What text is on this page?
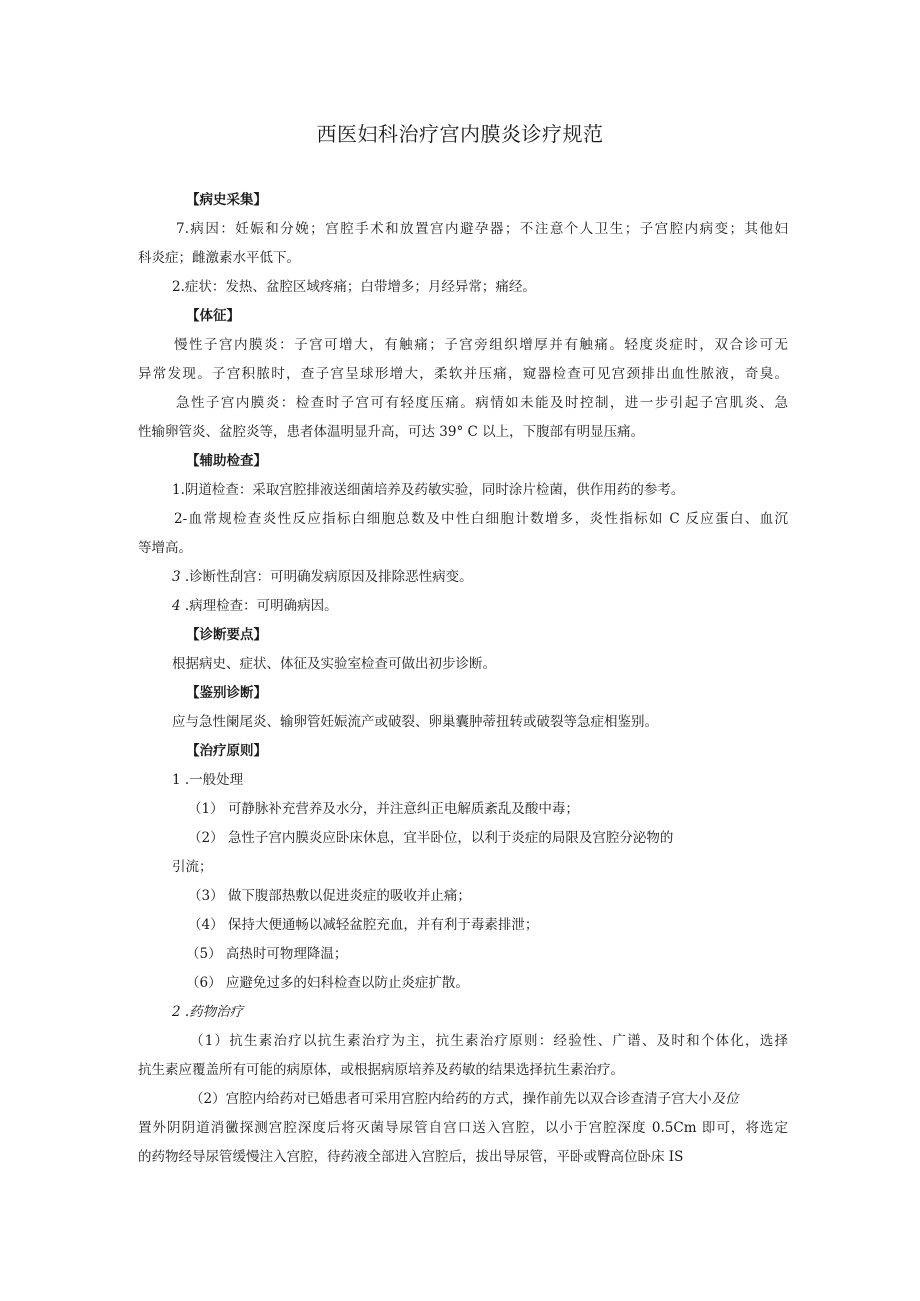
西医妇科治疗宫内膜炎诊疗规范
【病史采集】
7.病因：妊娠和分娩；宫腔手术和放置宫内避孕器；不注意个人卫生；子宫腔内病变；其他妇
科炎症；雌激素水平低下。
2.症状：发热、盆腔区域疼痛；白带增多；月经异常；痛经。
【体征】
慢性子宫内膜炎：子宫可增大，有触痛；子宫旁组织增厚并有触痛。轻度炎症时，双合诊可无
异常发现。子宫积脓时，查子宫呈球形增大，柔软并压痛，窥器检查可见宫颈排出血性脓液，奇臭。
急性子宫内膜炎：检查时子宫可有轻度压痛。病情如未能及时控制，进一步引起子宫肌炎、急
性输卵管炎、盆腔炎等，患者体温明显升高，可达 39° C 以上，下腹部有明显压痛。
【辅助检查】
1.阴道检查：采取宫腔排液送细菌培养及药敏实验，同时涂片检菌，供作用药的参考。
2-血常规检查炎性反应指标白细胞总数及中性白细胞计数增多，炎性指标如 C 反应蛋白、血沉
等增高。
3 .诊断性刮宫：可明确发病原因及排除恶性病变。
4 .病理检查：可明确病因。
【诊断要点】
根据病史、症状、体征及实验室检查可做出初步诊断。
【鉴别诊断】
应与急性阑尾炎、输卵管妊娠流产或破裂、卵巢囊肿蒂扭转或破裂等急症相鉴别。
【治疗原则】
1 .一般处理
（1） 可静脉补充营养及水分，并注意纠正电解质紊乱及酸中毒；
（2） 急性子宫内膜炎应卧床休息，宜半卧位，以利于炎症的局限及宫腔分泌物的
引流；
（3） 做下腹部热敷以促进炎症的吸收并止痛；
（4） 保持大便通畅以减轻盆腔充血，并有利于毒素排泄；
（5） 高热时可物理降温；
（6） 应避免过多的妇科检查以防止炎症扩散。
2 .药物治疗
（1）抗生素治疗以抗生素治疗为主，抗生素治疗原则：经验性、广谱、及时和个体化，选择
抗生素应覆盖所有可能的病原体，或根据病原培养及药敏的结果选择抗生素治疗。
（2）宫腔内给药对已婚患者可采用宫腔内给药的方式，操作前先以双合诊查清子宫大小及位
置外阴阴道消黴探测宫腔深度后将灭菌导尿管自宫口送入宫腔，以小于宫腔深度 0.5Cm 即可，将选定
的药物经导尿管缓慢注入宫腔，待药液全部进入宫腔后，拔出导尿管，平卧或臀高位卧床 IS
